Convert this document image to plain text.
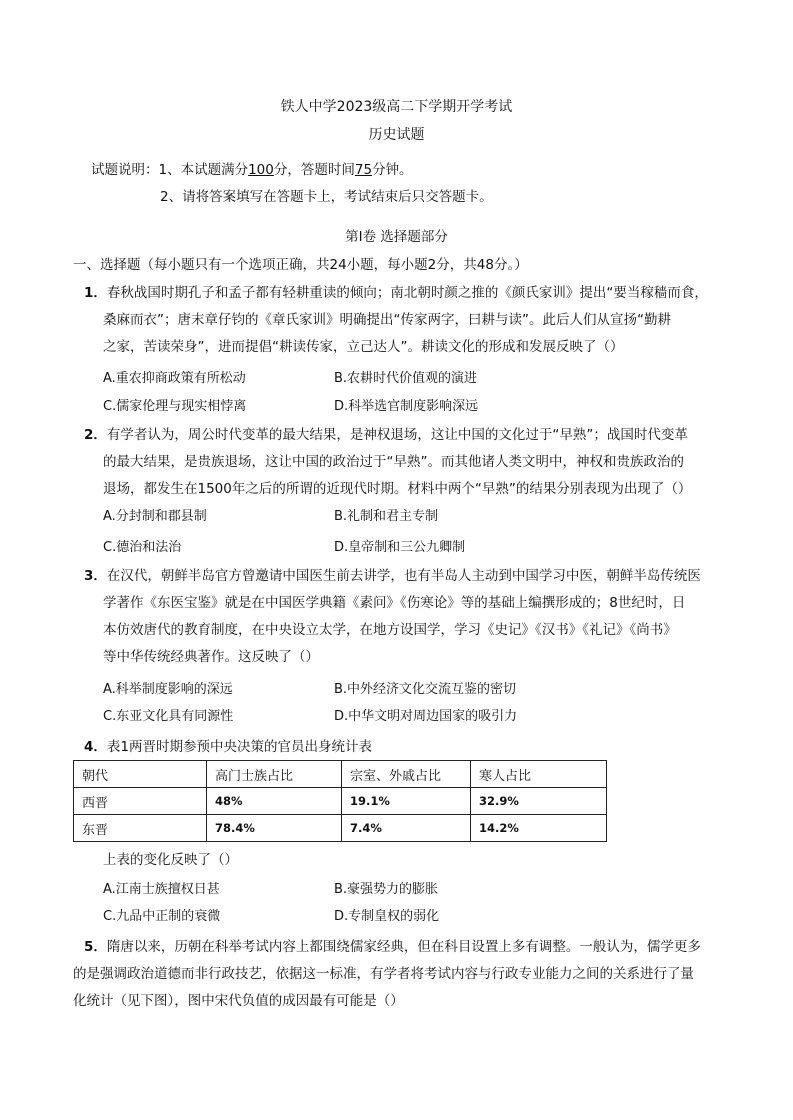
铁人中学2023级高二下学期开学考试
历史试题
试题说明：1、本试题满分100分，答题时间75分钟。
2、请将答案填写在答题卡上，考试结束后只交答题卡。
第Ⅰ卷 选择题部分
一、选择题（每小题只有一个选项正确，共24小题，每小题2分，共48分。）
1．春秋战国时期孔子和孟子都有轻耕重读的倾向；南北朝时颜之推的《颜氏家训》提出“要当稼穑而食，
桑麻而衣”；唐末章仔钧的《章氏家训》明确提出“传家两字，曰耕与读”。此后人们从宣扬“勤耕
之家，苦读荣身”，进而提倡“耕读传家，立己达人”。耕读文化的形成和发展反映了（）
A.重农抑商政策有所松动	B.农耕时代价值观的演进
C.儒家伦理与现实相悖离	D.科举选官制度影响深远
2．有学者认为，周公时代变革的最大结果，是神权退场，这让中国的文化过于“早熟”；战国时代变革
的最大结果，是贵族退场，这让中国的政治过于“早熟”。而其他诸人类文明中，神权和贵族政治的
退场，都发生在1500年之后的所谓的近现代时期。材料中两个“早熟”的结果分别表现为出现了（）
A.分封制和郡县制	B.礼制和君主专制
C.德治和法治	D.皇帝制和三公九卿制
3．在汉代，朝鲜半岛官方曾邀请中国医生前去讲学，也有半岛人主动到中国学习中医，朝鲜半岛传统医
学著作《东医宝鉴》就是在中国医学典籍《素问》《伤寒论》等的基础上编撰形成的；8世纪时，日
本仿效唐代的教育制度，在中央设立太学，在地方设国学，学习《史记》《汉书》《礼记》《尚书》
等中华传统经典著作。这反映了（）
A.科举制度影响的深远	B.中外经济文化交流互鉴的密切
C.东亚文化具有同源性	D.中华文明对周边国家的吸引力
4．表1两晋时期参预中央决策的官员出身统计表
朝代	高门士族占比	宗室、外戚占比	寒人占比
西晋	48%	19.1%	32.9%
东晋	78.4%	7.4%	14.2%
上表的变化反映了（）
A.江南士族擅权日甚	B.豪强势力的膨胀
C.九品中正制的衰微	D.专制皇权的弱化
5．隋唐以来，历朝在科举考试内容上都围绕儒家经典，但在科目设置上多有调整。一般认为，儒学更多
的是强调政治道德而非行政技艺，依据这一标准，有学者将考试内容与行政专业能力之间的关系进行了量
化统计（见下图），图中宋代负值的成因最有可能是（）
